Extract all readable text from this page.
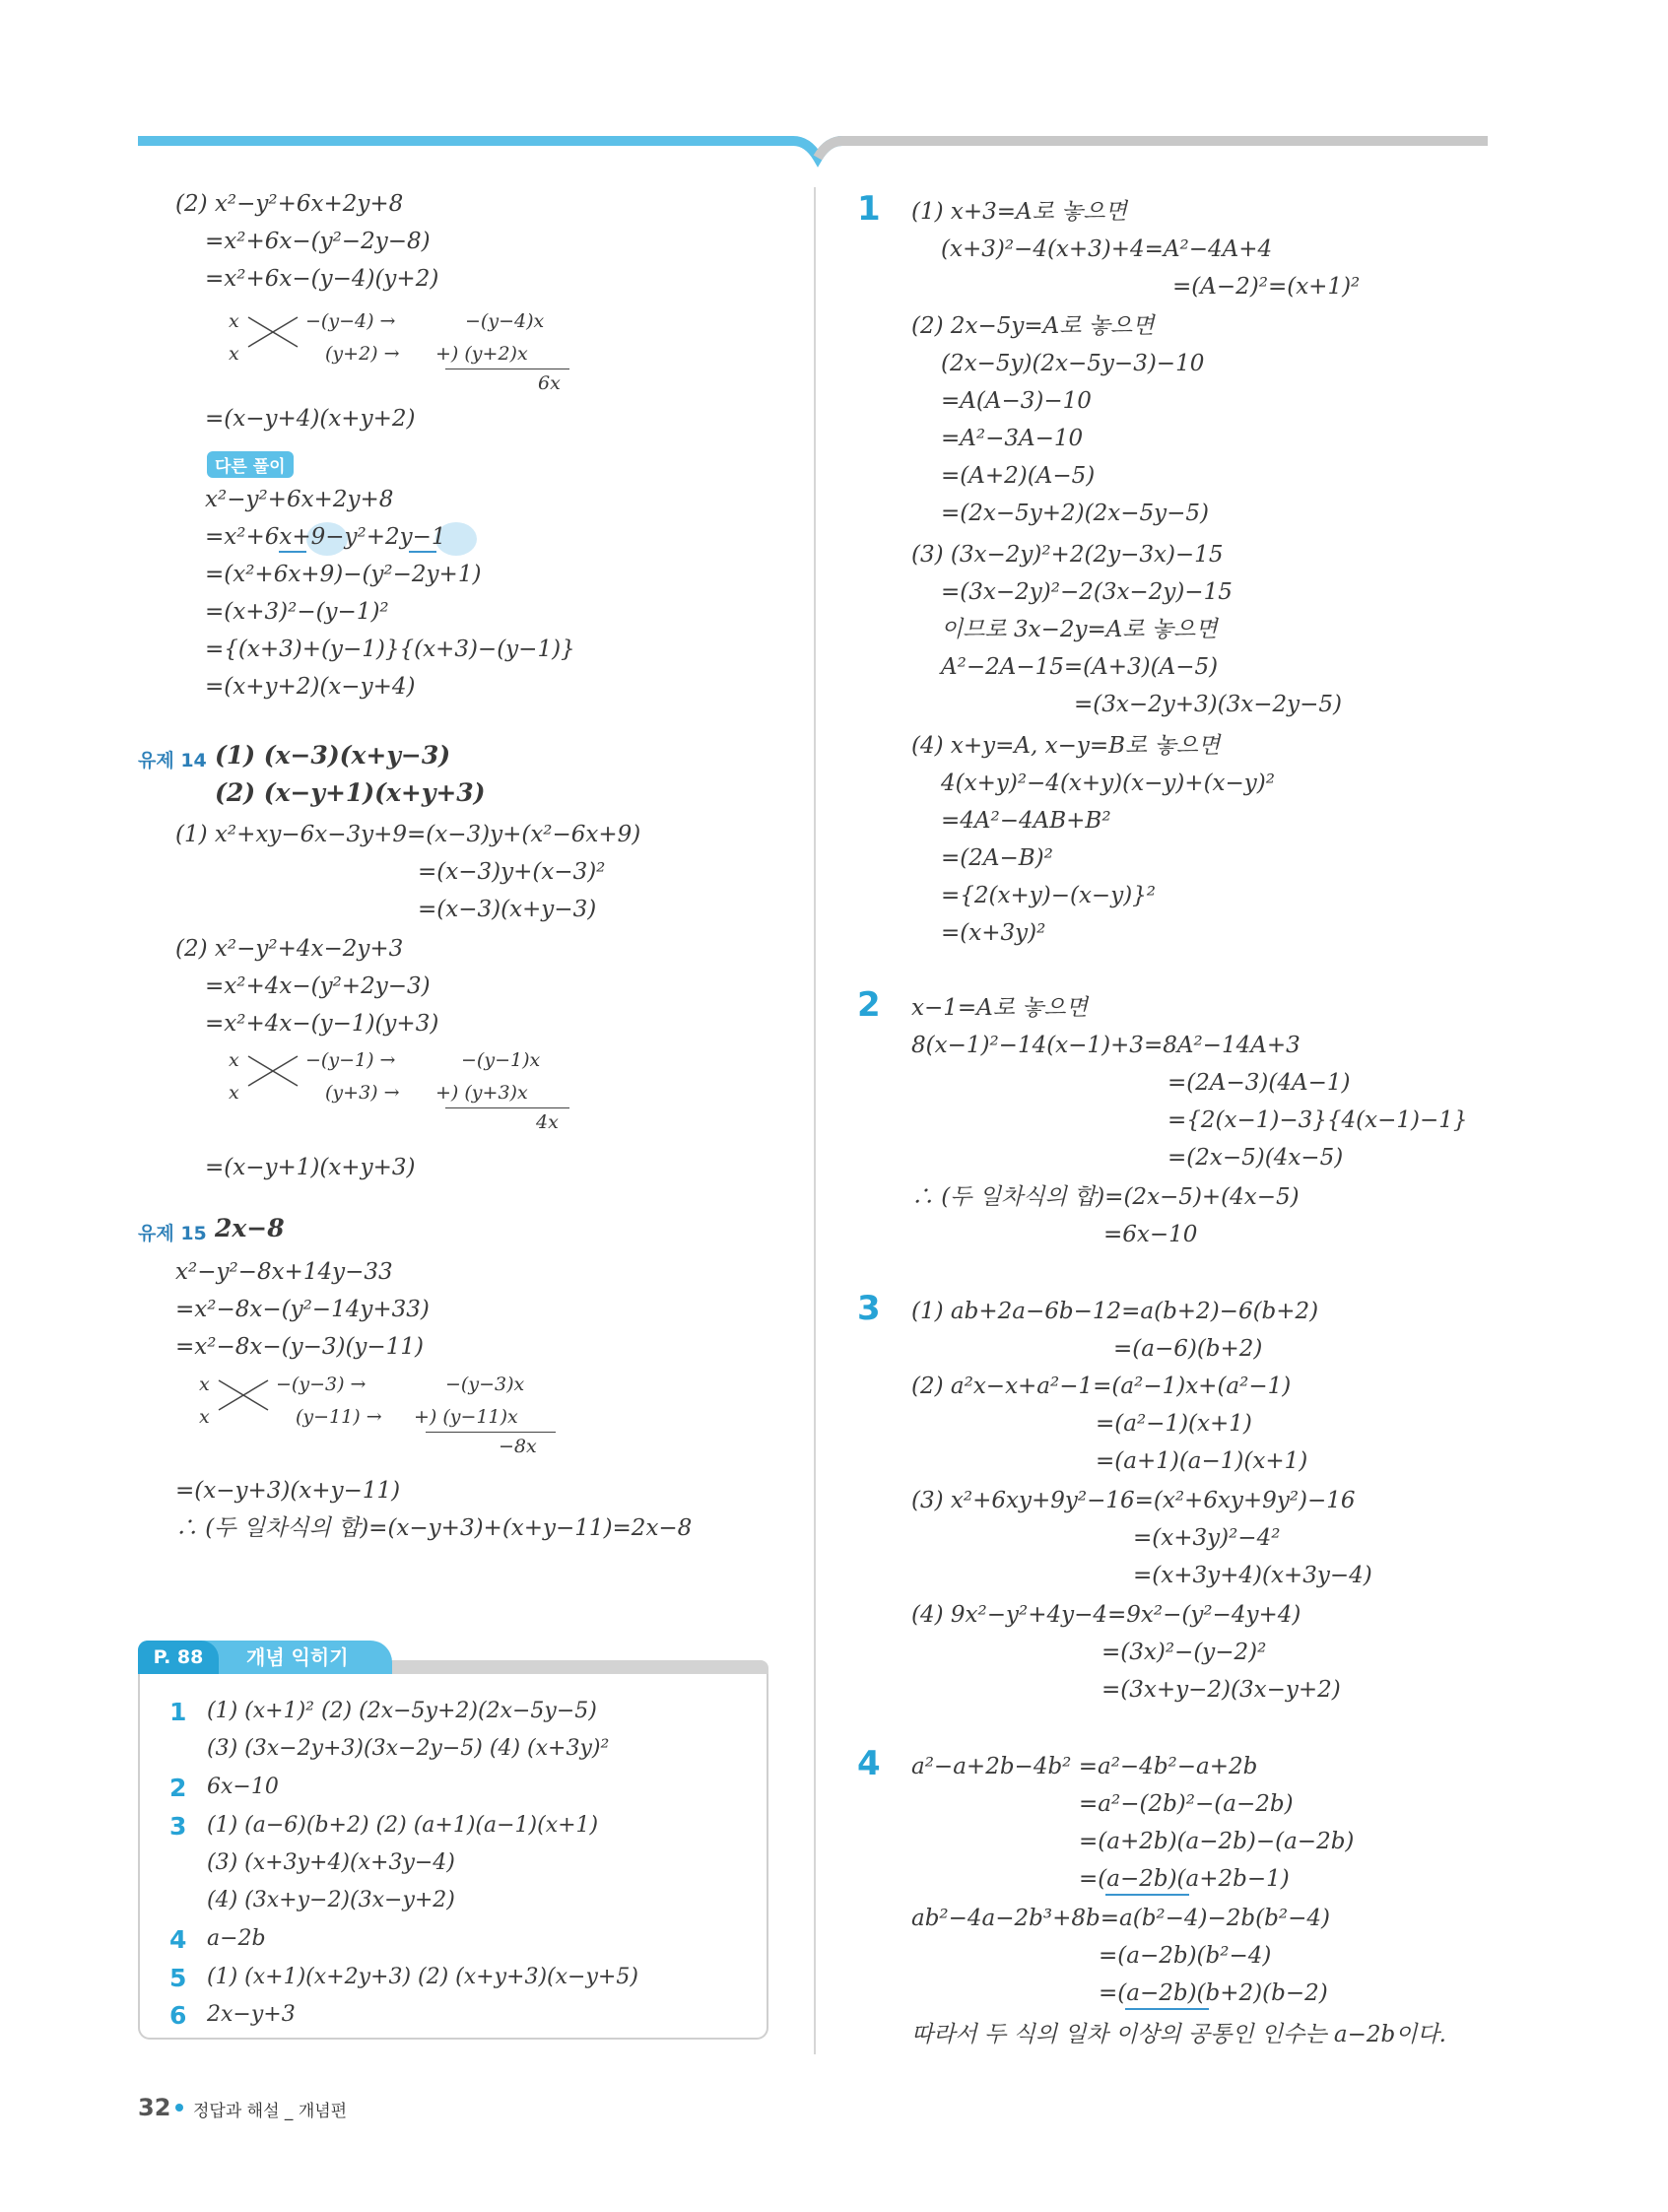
(2) x²−y²+6x+2y+8
=x²+6x−(y²−2y−8)
=x²+6x−(y−4)(y+2)
x
x
−(y−4) →
(y+2) →
−(y−4)x
+) (y+2)x
6x
=(x−y+4)(x+y+2)
다른 풀이
x²−y²+6x+2y+8
=x²+6x+9−y²+2y−1
=(x²+6x+9)−(y²−2y+1)
=(x+3)²−(y−1)²
={(x+3)+(y−1)}{(x+3)−(y−1)}
=(x+y+2)(x−y+4)
유제 14 (1) (x−3)(x+y−3)
(2) (x−y+1)(x+y+3)
(1) x²+xy−6x−3y+9=(x−3)y+(x²−6x+9)
=(x−3)y+(x−3)²
=(x−3)(x+y−3)
(2) x²−y²+4x−2y+3
=x²+4x−(y²+2y−3)
=x²+4x−(y−1)(y+3)
x
x
−(y−1) →
(y+3) →
−(y−1)x
+) (y+3)x
4x
=(x−y+1)(x+y+3)
유제 15 2x−8
x²−y²−8x+14y−33
=x²−8x−(y²−14y+33)
=x²−8x−(y−3)(y−11)
x
x
−(y−3) →
(y−11) →
−(y−3)x
+) (y−11)x
−8x
=(x−y+3)(x+y−11)
∴ (두 일차식의 합)=(x−y+3)+(x+y−11)=2x−8
P. 88	개념 익히기
1 (1) (x+1)² (2) (2x−5y+2)(2x−5y−5)
(3) (3x−2y+3)(3x−2y−5) (4) (x+3y)²
2 6x−10
3 (1) (a−6)(b+2) (2) (a+1)(a−1)(x+1)
(3) (x+3y+4)(x+3y−4)
(4) (3x+y−2)(3x−y+2)
4 a−2b
5 (1) (x+1)(x+2y+3) (2) (x+y+3)(x−y+5)
6 2x−y+3
1 (1) x+3=A로 놓으면
(x+3)²−4(x+3)+4=A²−4A+4
=(A−2)²=(x+1)²
(2) 2x−5y=A로 놓으면
(2x−5y)(2x−5y−3)−10
=A(A−3)−10
=A²−3A−10
=(A+2)(A−5)
=(2x−5y+2)(2x−5y−5)
(3) (3x−2y)²+2(2y−3x)−15
=(3x−2y)²−2(3x−2y)−15
이므로 3x−2y=A로 놓으면
A²−2A−15=(A+3)(A−5)
=(3x−2y+3)(3x−2y−5)
(4) x+y=A, x−y=B로 놓으면
4(x+y)²−4(x+y)(x−y)+(x−y)²
=4A²−4AB+B²
=(2A−B)²
={2(x+y)−(x−y)}²
=(x+3y)²
2 x−1=A로 놓으면
8(x−1)²−14(x−1)+3=8A²−14A+3
=(2A−3)(4A−1)
={2(x−1)−3}{4(x−1)−1}
=(2x−5)(4x−5)
∴ (두 일차식의 합)=(2x−5)+(4x−5)
=6x−10
3 (1) ab+2a−6b−12=a(b+2)−6(b+2)
=(a−6)(b+2)
(2) a²x−x+a²−1=(a²−1)x+(a²−1)
=(a²−1)(x+1)
=(a+1)(a−1)(x+1)
(3) x²+6xy+9y²−16=(x²+6xy+9y²)−16
=(x+3y)²−4²
=(x+3y+4)(x+3y−4)
(4) 9x²−y²+4y−4=9x²−(y²−4y+4)
=(3x)²−(y−2)²
=(3x+y−2)(3x−y+2)
4 a²−a+2b−4b² =a²−4b²−a+2b
=a²−(2b)²−(a−2b)
=(a+2b)(a−2b)−(a−2b)
=(a−2b)(a+2b−1)
ab²−4a−2b³+8b=a(b²−4)−2b(b²−4)
=(a−2b)(b²−4)
=(a−2b)(b+2)(b−2)
따라서 두 식의 일차 이상의 공통인 인수는 a−2b이다.
32 정답과 해설 _ 개념편
